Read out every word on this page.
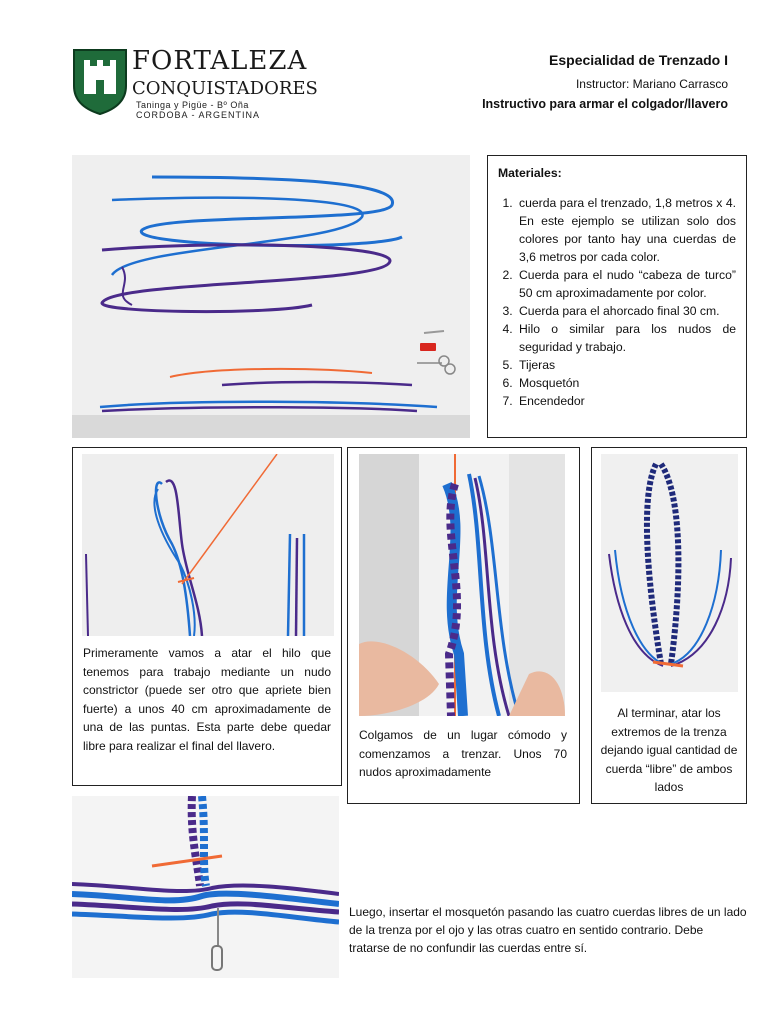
FORTALEZA
CONQUISTADORES
Taninga y Pigüe - Bº Oña
CORDOBA - ARGENTINA
Especialidad de Trenzado I
Instructor: Mariano Carrasco
Instructivo para armar el colgador/llavero
Materiales:
1. cuerda para el trenzado, 1,8 metros x 4. En este ejemplo se utilizan solo dos colores por tanto hay una cuerdas de 3,6 metros por cada color.
2. Cuerda para el nudo “cabeza de turco” 50 cm aproximadamente por color.
3. Cuerda para el ahorcado final 30 cm.
4. Hilo o similar para los nudos de seguridad y trabajo.
5. Tijeras
6. Mosquetón
7. Encendedor
Primeramente vamos a atar el hilo que tenemos para trabajo mediante un nudo constrictor (puede ser otro que apriete bien fuerte) a unos 40 cm aproximadamente de una de las puntas. Esta parte debe quedar libre para realizar el final del llavero.
Colgamos de un lugar cómodo y comenzamos a trenzar. Unos 70 nudos aproximadamente
Al terminar, atar los extremos de la trenza dejando igual cantidad de cuerda “libre” de ambos lados
Luego, insertar el mosquetón pasando las cuatro cuerdas libres de un lado de la trenza por el ojo y las otras cuatro en sentido contrario. Debe tratarse de no confundir las cuerdas entre sí.
